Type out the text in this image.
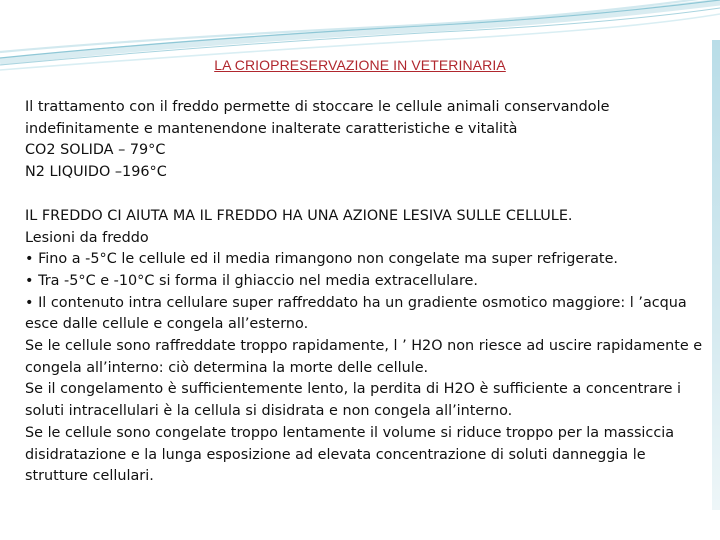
LA CRIOPRESERVAZIONE IN VETERINARIA

Il trattamento con il freddo permette di stoccare le cellule animali conservandole indefinitamente e mantenendone inalterate caratteristiche e vitalità

CO2 SOLIDA – 79°C

N2 LIQUIDO –196°C

IL FREDDO CI AIUTA MA IL FREDDO HA UNA AZIONE LESIVA SULLE CELLULE.

Lesioni da freddo

• Fino a -5°C le cellule ed il media rimangono non congelate ma super refrigerate.

• Tra -5°C e -10°C si forma il ghiaccio nel media extracellulare.

• Il contenuto intra cellulare super raffreddato ha un gradiente osmotico maggiore: l ’acqua esce dalle cellule e congela all’esterno.

Se le cellule sono raffreddate troppo rapidamente, l ’ H2O non riesce ad uscire rapidamente e congela all’interno: ciò determina la morte delle cellule.

Se il congelamento è sufficientemente lento, la perdita di H2O è sufficiente a concentrare i soluti intracellulari è la cellula si disidrata e non congela all’interno.

Se le cellule sono congelate troppo lentamente il volume si riduce troppo per la massiccia disidratazione e la lunga esposizione ad elevata concentrazione di soluti danneggia le strutture cellulari.
